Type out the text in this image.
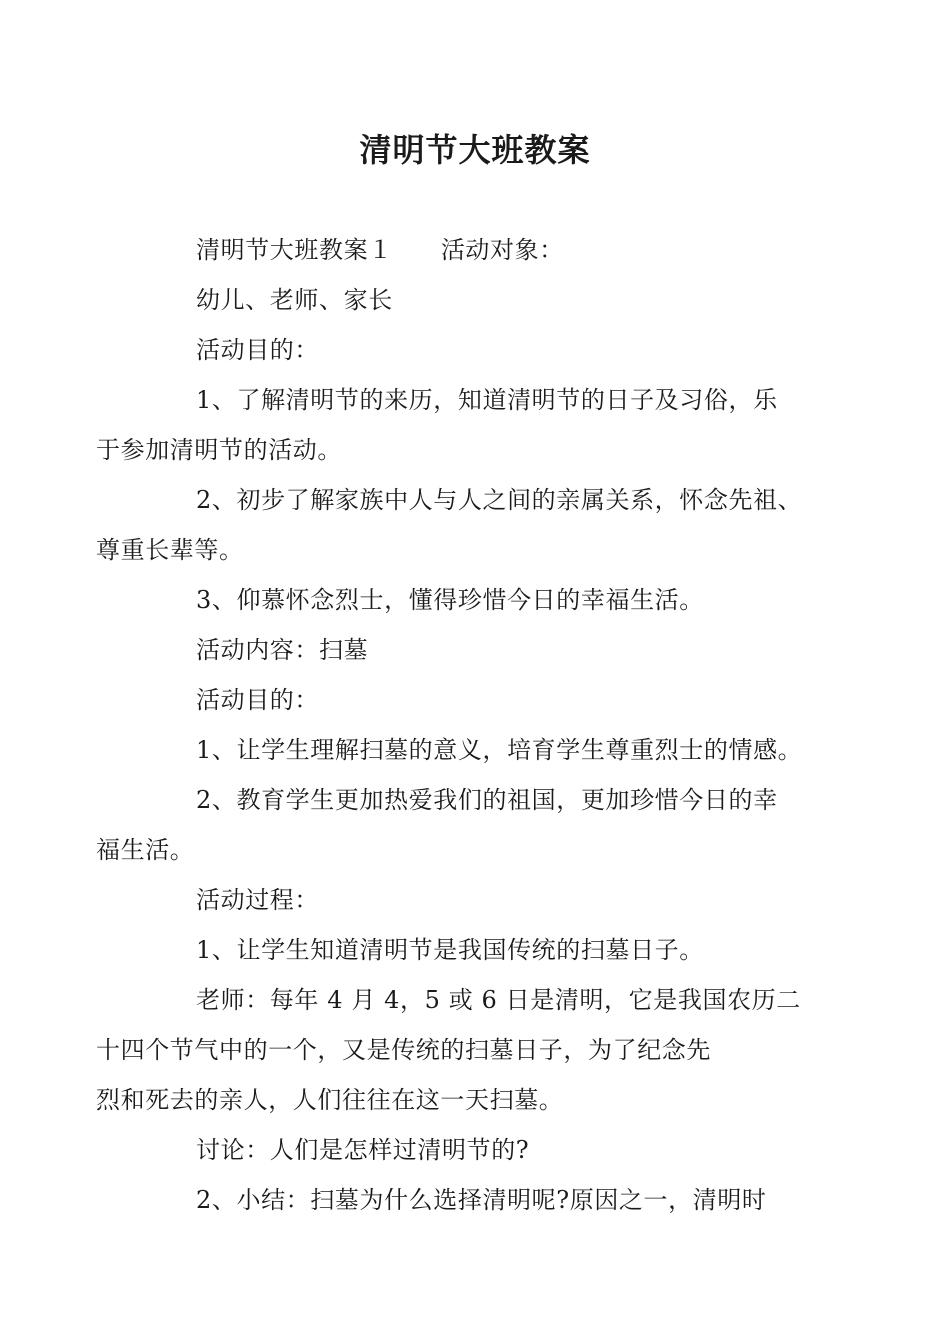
清明节大班教案

清明节大班教案１ 活动对象：

幼儿、老师、家长

活动目的：

1、了解清明节的来历，知道清明节的日子及习俗，乐
于参加清明节的活动。

2、初步了解家族中人与人之间的亲属关系，怀念先祖、
尊重长辈等。

3、仰慕怀念烈士，懂得珍惜今日的幸福生活。

活动内容：扫墓

活动目的：

1、让学生理解扫墓的意义，培育学生尊重烈士的情感。

2、教育学生更加热爱我们的祖国，更加珍惜今日的幸
福生活。

活动过程：

1、让学生知道清明节是我国传统的扫墓日子。

老师：每年 4 月 4，5 或 6 日是清明，它是我国农历二
十四个节气中的一个，又是传统的扫墓日子，为了纪念先
烈和死去的亲人，人们往往在这一天扫墓。

讨论：人们是怎样过清明节的?

2、小结：扫墓为什么选择清明呢?原因之一，清明时
